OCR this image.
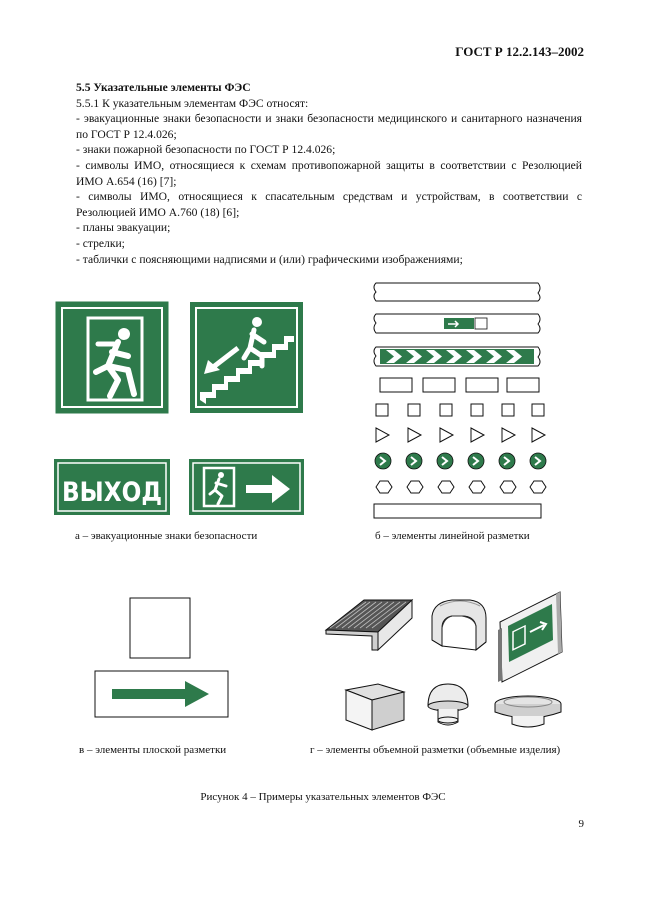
ГОСТ Р 12.2.143–2002

5.5 Указательные элементы ФЭС

5.5.1 К указательным элементам ФЭС относят:

- эвакуационные знаки безопасности и знаки безопасности медицинского и санитарного назначения по ГОСТ Р 12.4.026;

- знаки пожарной безопасности по ГОСТ Р 12.4.026;

- символы ИМО, относящиеся к схемам противопожарной защиты в соответствии с Резолюцией ИМО А.654 (16) [7];

- символы ИМО, относящиеся к спасательным средствам и устройствам, в соответствии с Резолюцией ИМО А.760 (18) [6];

- планы эвакуации;

- стрелки;

- таблички с поясняющими надписями и (или) графическими изображениями;

ВЫХОД
а – эвакуационные знаки безопасности	б – элементы линейной разметки
в – элементы плоской разметки	г – элементы объемной разметки (объемные изделия)
Рисунок 4 – Примеры указательных элементов ФЭС
9
